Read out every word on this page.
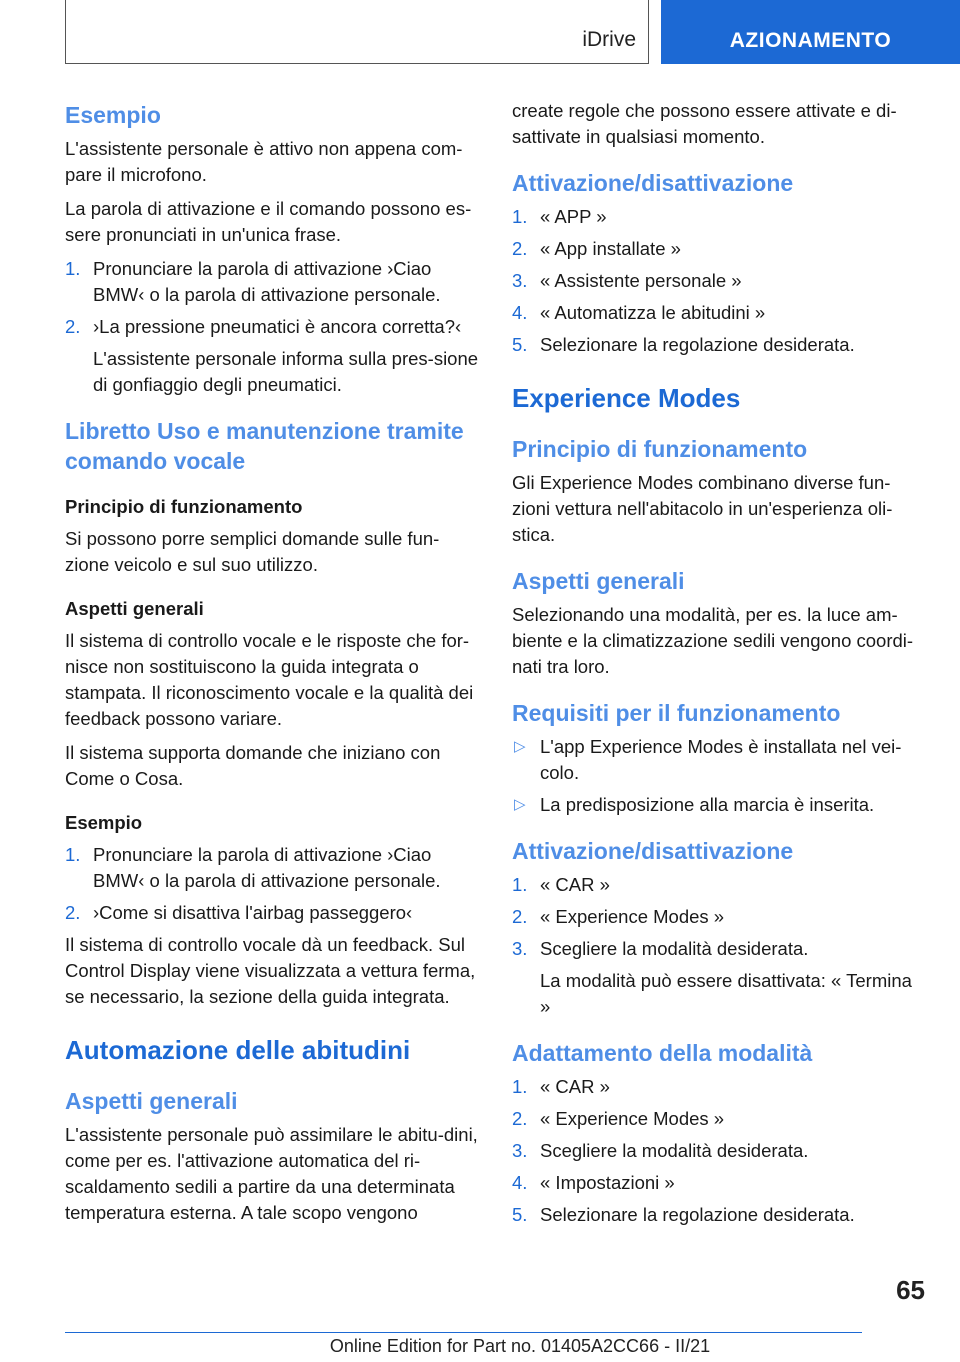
iDrive	AZIONAMENTO
Esempio

L'assistente personale è attivo non appena com-pare il microfono.

La parola di attivazione e il comando possono es-sere pronunciati in un'unica frase.

1. Pronunciare la parola di attivazione ›Ciao BMW‹ o la parola di attivazione personale.
2. ›La pressione pneumatici è ancora corretta?‹
L'assistente personale informa sulla pres-sione di gonfiaggio degli pneumatici.
Libretto Uso e manutenzione tramite comando vocale
Principio di funzionamento

Si possono porre semplici domande sulle fun-zione veicolo e sul suo utilizzo.

Aspetti generali

Il sistema di controllo vocale e le risposte che for-nisce non sostituiscono la guida integrata o stampata. Il riconoscimento vocale e la qualità dei feedback possono variare.

Il sistema supporta domande che iniziano con Come o Cosa.

Esempio
1. Pronunciare la parola di attivazione ›Ciao BMW‹ o la parola di attivazione personale.
2. ›Come si disattiva l'airbag passeggero‹

Il sistema di controllo vocale dà un feedback. Sul Control Display viene visualizzata a vettura ferma, se necessario, la sezione della guida integrata.

Automazione delle abitudini
Aspetti generali

L'assistente personale può assimilare le abitu-dini, come per es. l'attivazione automatica del ri-scaldamento sedili a partire da una determinata temperatura esterna. A tale scopo vengono

create regole che possono essere attivate e di-sattivate in qualsiasi momento.

Attivazione/disattivazione
1. « APP »
2. « App installate »
3. « Assistente personale »
4. « Automatizza le abitudini »
5. Selezionare la regolazione desiderata.
Experience Modes
Principio di funzionamento

Gli Experience Modes combinano diverse fun-zioni vettura nell'abitacolo in un'esperienza oli-stica.

Aspetti generali

Selezionando una modalità, per es. la luce am-biente e la climatizzazione sedili vengono coordi-nati tra loro.

Requisiti per il funzionamento
▷ L'app Experience Modes è installata nel vei-colo.
▷ La predisposizione alla marcia è inserita.
Attivazione/disattivazione
1. « CAR »
2. « Experience Modes »
3. Scegliere la modalità desiderata.
La modalità può essere disattivata: « Termina »
Adattamento della modalità
1. « CAR »
2. « Experience Modes »
3. Scegliere la modalità desiderata.
4. « Impostazioni »
5. Selezionare la regolazione desiderata.
65
Online Edition for Part no. 01405A2CC66 - II/21
